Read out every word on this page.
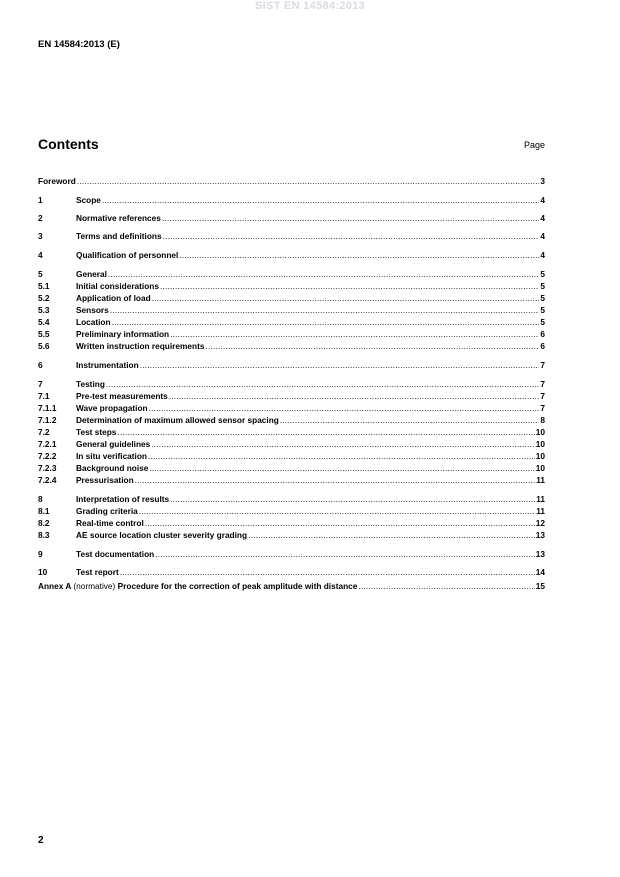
SIST EN 14584:2013
EN 14584:2013 (E)
Contents	Page
Foreword .....	3
1	Scope .....	4
2	Normative references .....	4
3	Terms and definitions .....	4
4	Qualification of personnel .....	4
5	General .....	5
5.1	Initial considerations .....	5
5.2	Application of load .....	5
5.3	Sensors .....	5
5.4	Location .....	5
5.5	Preliminary information .....	6
5.6	Written instruction requirements .....	6
6	Instrumentation .....	7
7	Testing .....	7
7.1	Pre-test measurements .....	7
7.1.1	Wave propagation .....	7
7.1.2	Determination of maximum allowed sensor spacing .....	8
7.2	Test steps .....	10
7.2.1	General guidelines .....	10
7.2.2	In situ verification .....	10
7.2.3	Background noise .....	10
7.2.4	Pressurisation .....	11
8	Interpretation of results .....	11
8.1	Grading criteria .....	11
8.2	Real-time control .....	12
8.3	AE source location cluster severity grading .....	13
9	Test documentation .....	13
10	Test report .....	14
Annex A (normative) Procedure for the correction of peak amplitude with distance .....	15
2
